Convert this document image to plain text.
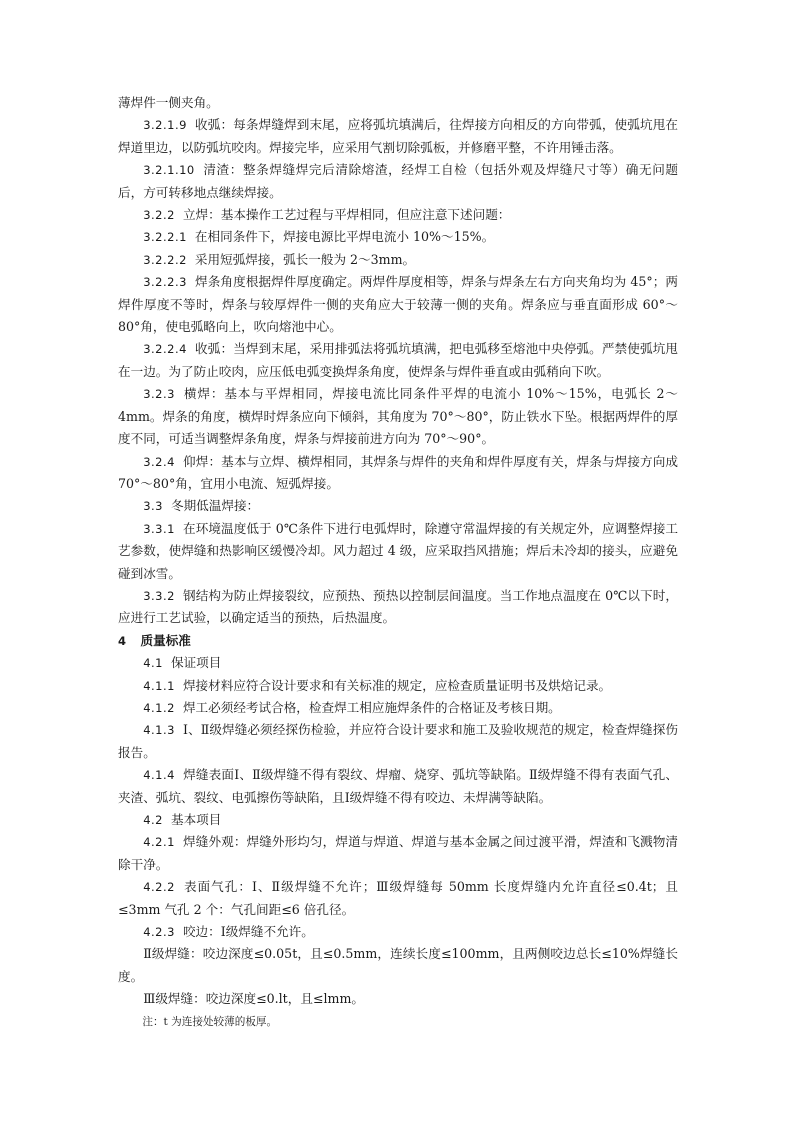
薄焊件一侧夹角。

3.2.1.9 收弧：每条焊缝焊到末尾，应将弧坑填满后，往焊接方向相反的方向带弧，使弧坑甩在焊道里边，以防弧坑咬肉。焊接完毕，应采用气割切除弧板，并修磨平整，不许用锤击落。

3.2.1.10 清渣：整条焊缝焊完后清除熔渣，经焊工自检（包括外观及焊缝尺寸等）确无问题后，方可转移地点继续焊接。

3.2.2 立焊：基本操作工艺过程与平焊相同，但应注意下述问题：

3.2.2.1 在相同条件下，焊接电源比平焊电流小 10%～15%。

3.2.2.2 采用短弧焊接，弧长一般为 2～3mm。

3.2.2.3 焊条角度根据焊件厚度确定。两焊件厚度相等，焊条与焊条左右方向夹角均为 45°；两焊件厚度不等时，焊条与较厚焊件一侧的夹角应大于较薄一侧的夹角。焊条应与垂直面形成 60°～80°角，使电弧略向上，吹向熔池中心。

3.2.2.4 收弧：当焊到末尾，采用排弧法将弧坑填满，把电弧移至熔池中央停弧。严禁使弧坑甩在一边。为了防止咬肉，应压低电弧变换焊条角度，使焊条与焊件垂直或由弧稍向下吹。

3.2.3 横焊：基本与平焊相同，焊接电流比同条件平焊的电流小 10%～15%，电弧长 2～4mm。焊条的角度，横焊时焊条应向下倾斜，其角度为 70°～80°，防止铁水下坠。根据两焊件的厚度不同，可适当调整焊条角度，焊条与焊接前进方向为 70°～90°。

3.2.4 仰焊：基本与立焊、横焊相同，其焊条与焊件的夹角和焊件厚度有关，焊条与焊接方向成 70°～80°角，宜用小电流、短弧焊接。

3.3 冬期低温焊接：

3.3.1 在环境温度低于 0℃条件下进行电弧焊时，除遵守常温焊接的有关规定外，应调整焊接工艺参数，使焊缝和热影响区缓慢冷却。风力超过 4 级，应采取挡风措施；焊后未冷却的接头，应避免碰到冰雪。

3.3.2 钢结构为防止焊接裂纹，应预热、预热以控制层间温度。当工作地点温度在 0℃以下时，应进行工艺试验，以确定适当的预热，后热温度。

4 质量标准

4.1 保证项目

4.1.1 焊接材料应符合设计要求和有关标准的规定，应检查质量证明书及烘焙记录。

4.1.2 焊工必须经考试合格，检查焊工相应施焊条件的合格证及考核日期。

4.1.3 Ⅰ、Ⅱ级焊缝必须经探伤检验，并应符合设计要求和施工及验收规范的规定，检查焊缝探伤报告。

4.1.4 焊缝表面Ⅰ、Ⅱ级焊缝不得有裂纹、焊瘤、烧穿、弧坑等缺陷。Ⅱ级焊缝不得有表面气孔、夹渣、弧坑、裂纹、电弧擦伤等缺陷，且Ⅰ级焊缝不得有咬边、未焊满等缺陷。

4.2 基本项目

4.2.1 焊缝外观：焊缝外形均匀，焊道与焊道、焊道与基本金属之间过渡平滑，焊渣和飞溅物清除干净。

4.2.2 表面气孔：Ⅰ、Ⅱ级焊缝不允许；Ⅲ级焊缝每 50mm 长度焊缝内允许直径≤0.4t；且≤3mm 气孔 2 个：气孔间距≤6 倍孔径。

4.2.3 咬边：Ⅰ级焊缝不允许。

Ⅱ级焊缝：咬边深度≤0.05t，且≤0.5mm，连续长度≤100mm，且两侧咬边总长≤10%焊缝长度。

Ⅲ级焊缝：咬边深度≤0.lt，且≤lmm。

注：t 为连接处较薄的板厚。
